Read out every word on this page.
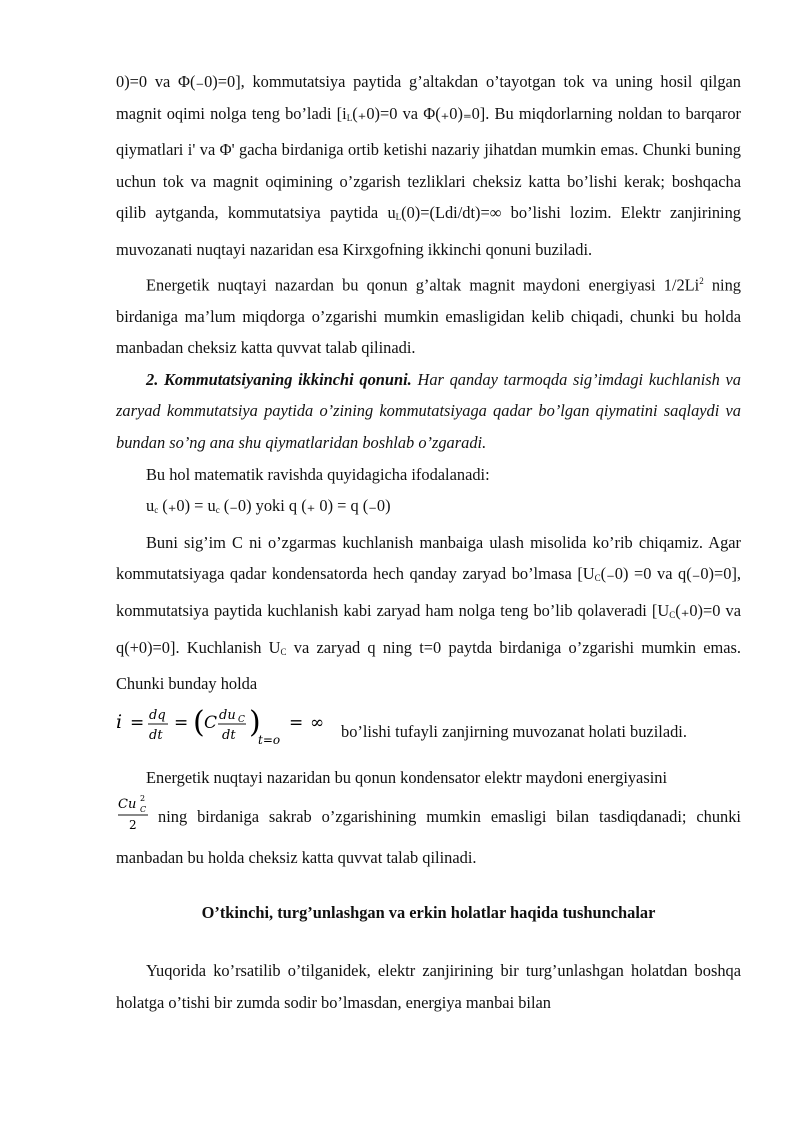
0)=0 va Φ(₋0)=0], kommutatsiya paytida g’altakdan o’tayotgan tok va uning hosil qilgan magnit oqimi nolga teng bo’ladi [$i_L(_+0)=0$ va Φ(₊0)₌0]. Bu miqdorlarning noldan to barqaror qiymatlari i' va Φ' gacha birdaniga ortib ketishi nazariy jihatdan mumkin emas. Chunki buning uchun tok va magnit oqimining o’zgarish tezliklari cheksiz katta bo’lishi kerak; boshqacha qilib aytganda, kommutatsiya paytida $u_L(0)=(Ldi/dt)=\infty$ bo’lishi lozim. Elektr zanjirining muvozanati nuqtayi nazaridan esa Kirxgofning ikkinchi qonuni buziladi.

Energetik nuqtayi nazardan bu qonun g’altak magnit maydoni energiyasi 1/2Li$^2$ ning birdaniga ma’lum miqdorga o’zgarishi mumkin emasligidan kelib chiqadi, chunki bu holda manbadan cheksiz katta quvvat talab qilinadi.

2. Kommutatsiyaning ikkinchi qonuni. Har qanday tarmoqda sig’imdagi kuchlanish va zaryad kommutatsiya paytida o’zining kommutatsiyaga qadar bo’lgan qiymatini saqlaydi va bundan so’ng ana shu qiymatlaridan boshlab o’zgaradi.

Bu hol matematik ravishda quyidagicha ifodalanadi:

$u_c$ $(_+0) = u_c$ (₋0) yoki q (₊ 0) = q (₋0)

Buni sig’im C ni o’zgarmas kuchlanish manbaiga ulash misolida ko’rib chiqamiz. Agar kommutatsiyaga qadar kondensatorda hech qanday zaryad bo’lmasa [$U_C(_-0) =0$ va q(₋0)=0], kommutatsiya paytida kuchlanish kabi zaryad ham nolga teng bo’lib qolaveradi [$U_C(_+0)=0$ va q(+0)=0]. Kuchlanish $U_C$ va zaryad q ning t=0 paytda birdaniga o’zgarishi mumkin emas. Chunki bunday holda

i = dq
dt
= ( C du C
dt )
t=o
= ∞ bo’lishi tufayli zanjirning muvozanat holati buziladi.

Energetik nuqtayi nazaridan bu qonun kondensator elektr maydoni energiyasini

Cu 2
C
2 ning birdaniga sakrab o’zgarishining mumkin emasligi bilan tasdiqdanadi; chunki manbadan bu holda cheksiz katta quvvat talab qilinadi.

O’tkinchi, turg’unlashgan va erkin holatlar haqida tushunchalar

Yuqorida ko’rsatilib o’tilganidek, elektr zanjirining bir turg’unlashgan holatdan boshqa holatga o’tishi bir zumda sodir bo’lmasdan, energiya manbai bilan
